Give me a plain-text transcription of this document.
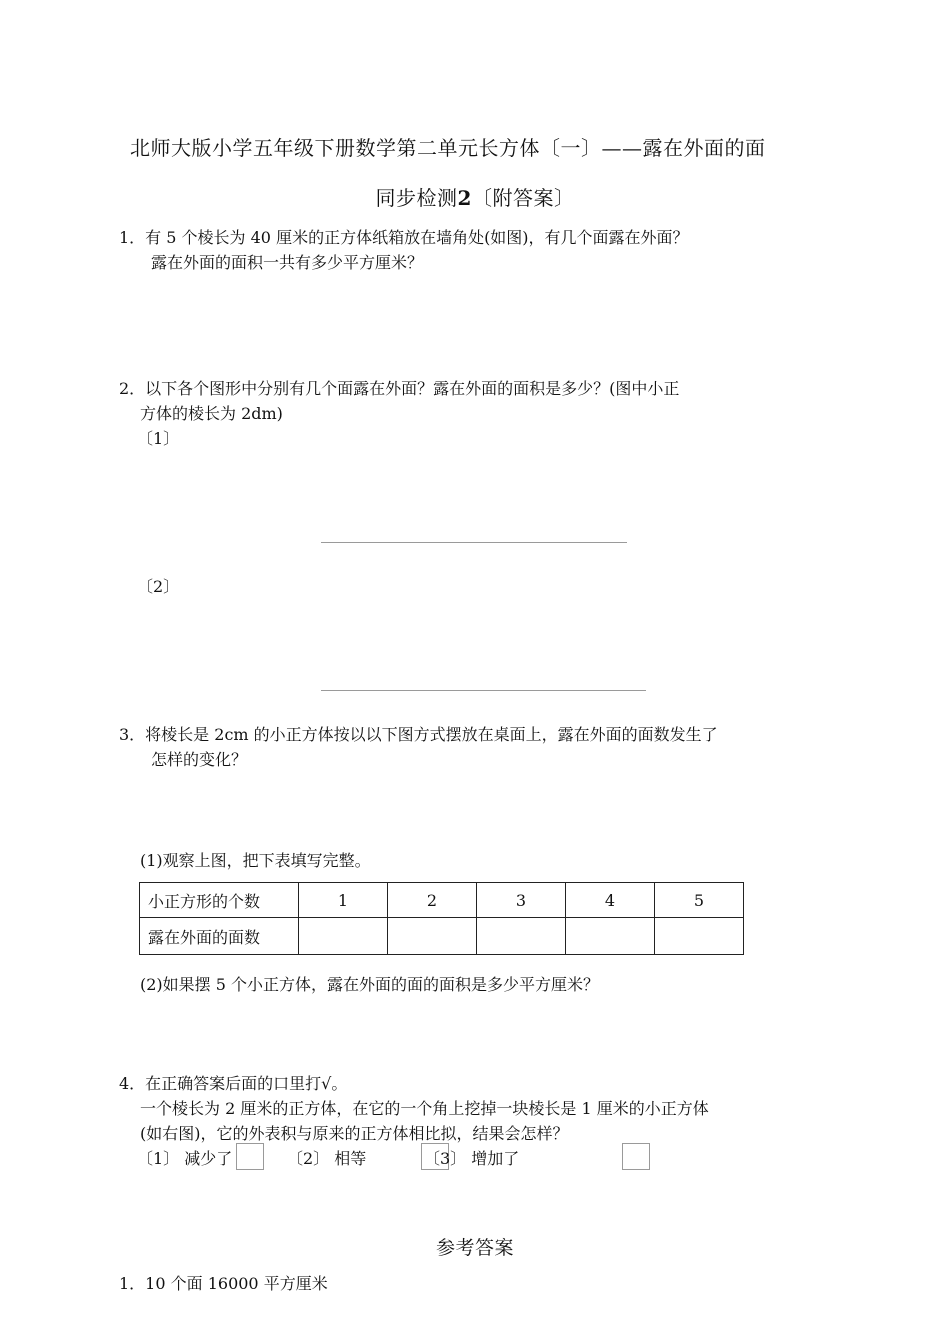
北师大版小学五年级下册数学第二单元长方体〔一〕——露在外面的面
同步检测2〔附答案〕
1．有 5 个棱长为 40 厘米的正方体纸箱放在墙角处(如图)，有几个面露在外面？
露在外面的面积一共有多少平方厘米？
2．以下各个图形中分别有几个面露在外面？露在外面的面积是多少？(图中小正
方体的棱长为 2dm)
〔1〕
〔2〕
3．将棱长是 2cm 的小正方体按以以下图方式摆放在桌面上，露在外面的面数发生了
怎样的变化？
(1)观察上图，把下表填写完整。
小正方形的个数	1	2	3	4	5
露在外面的面数					
(2)如果摆 5 个小正方体，露在外面的面的面积是多少平方厘米？
4．在正确答案后面的口里打√。
一个棱长为 2 厘米的正方体，在它的一个角上挖掉一块棱长是 1 厘米的小正方体
(如右图)，它的外表积与原来的正方体相比拟，结果会怎样？
〔1〕 减少了	〔2〕 相等	〔3〕 增加了
参考答案
1．10 个面 16000 平方厘米
